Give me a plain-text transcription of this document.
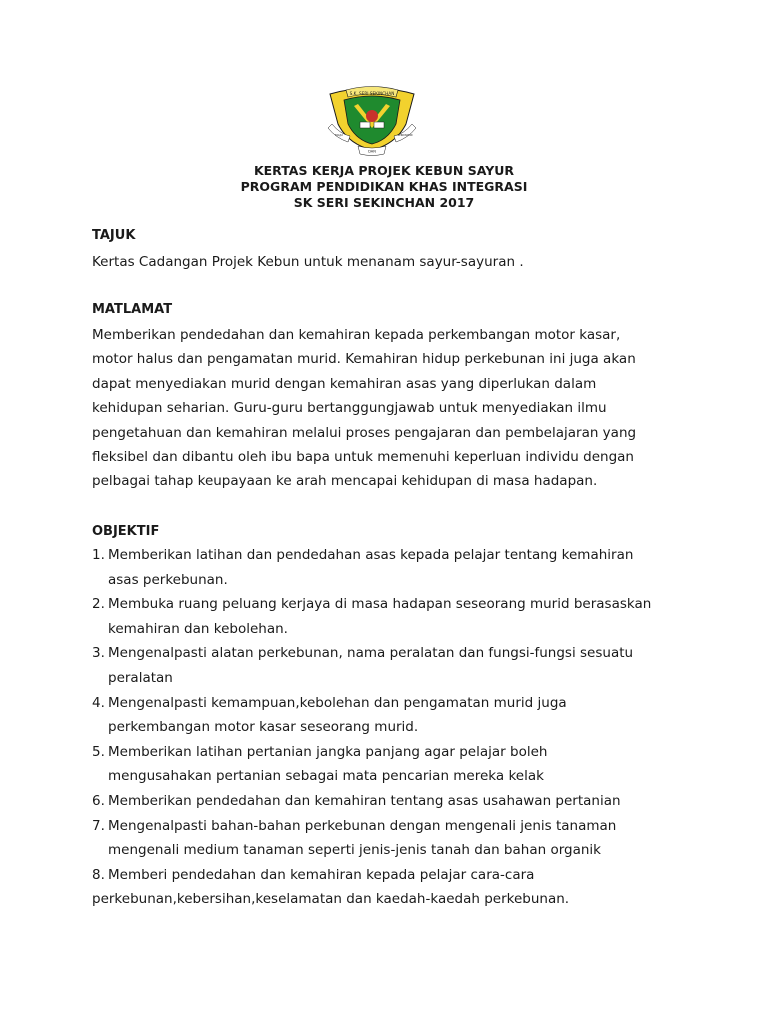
S.K. SERI SEKINCHAN
MAJU	BERDISIPLIN
DAN
KERTAS KERJA PROJEK KEBUN SAYUR
PROGRAM PENDIDIKAN KHAS INTEGRASI
SK SERI SEKINCHAN 2017
TAJUK
Kertas Cadangan Projek Kebun untuk menanam sayur-sayuran .
MATLAMAT
Memberikan pendedahan dan kemahiran kepada perkembangan motor kasar,
motor halus dan pengamatan murid. Kemahiran hidup perkebunan ini juga akan
dapat menyediakan murid dengan kemahiran asas yang diperlukan dalam
kehidupan seharian. Guru-guru bertanggungjawab untuk menyediakan ilmu
pengetahuan dan kemahiran melalui proses pengajaran dan pembelajaran yang
fleksibel dan dibantu oleh ibu bapa untuk memenuhi keperluan individu dengan
pelbagai tahap keupayaan ke arah mencapai kehidupan di masa hadapan.
OBJEKTIF
1. Memberikan latihan dan pendedahan asas kepada pelajar tentang kemahiran
asas perkebunan.
2. Membuka ruang peluang kerjaya di masa hadapan seseorang murid berasaskan
kemahiran dan kebolehan.
3. Mengenalpasti alatan perkebunan, nama peralatan dan fungsi-fungsi sesuatu
peralatan
4. Mengenalpasti kemampuan,kebolehan dan pengamatan murid juga
perkembangan motor kasar seseorang murid.
5. Memberikan latihan pertanian jangka panjang agar pelajar boleh
mengusahakan pertanian sebagai mata pencarian mereka kelak
6. Memberikan pendedahan dan kemahiran tentang asas usahawan pertanian
7. Mengenalpasti bahan-bahan perkebunan dengan mengenali jenis tanaman
mengenali medium tanaman seperti jenis-jenis tanah dan bahan organik
8. Memberi pendedahan dan kemahiran kepada pelajar cara-cara
perkebunan,kebersihan,keselamatan dan kaedah-kaedah perkebunan.
